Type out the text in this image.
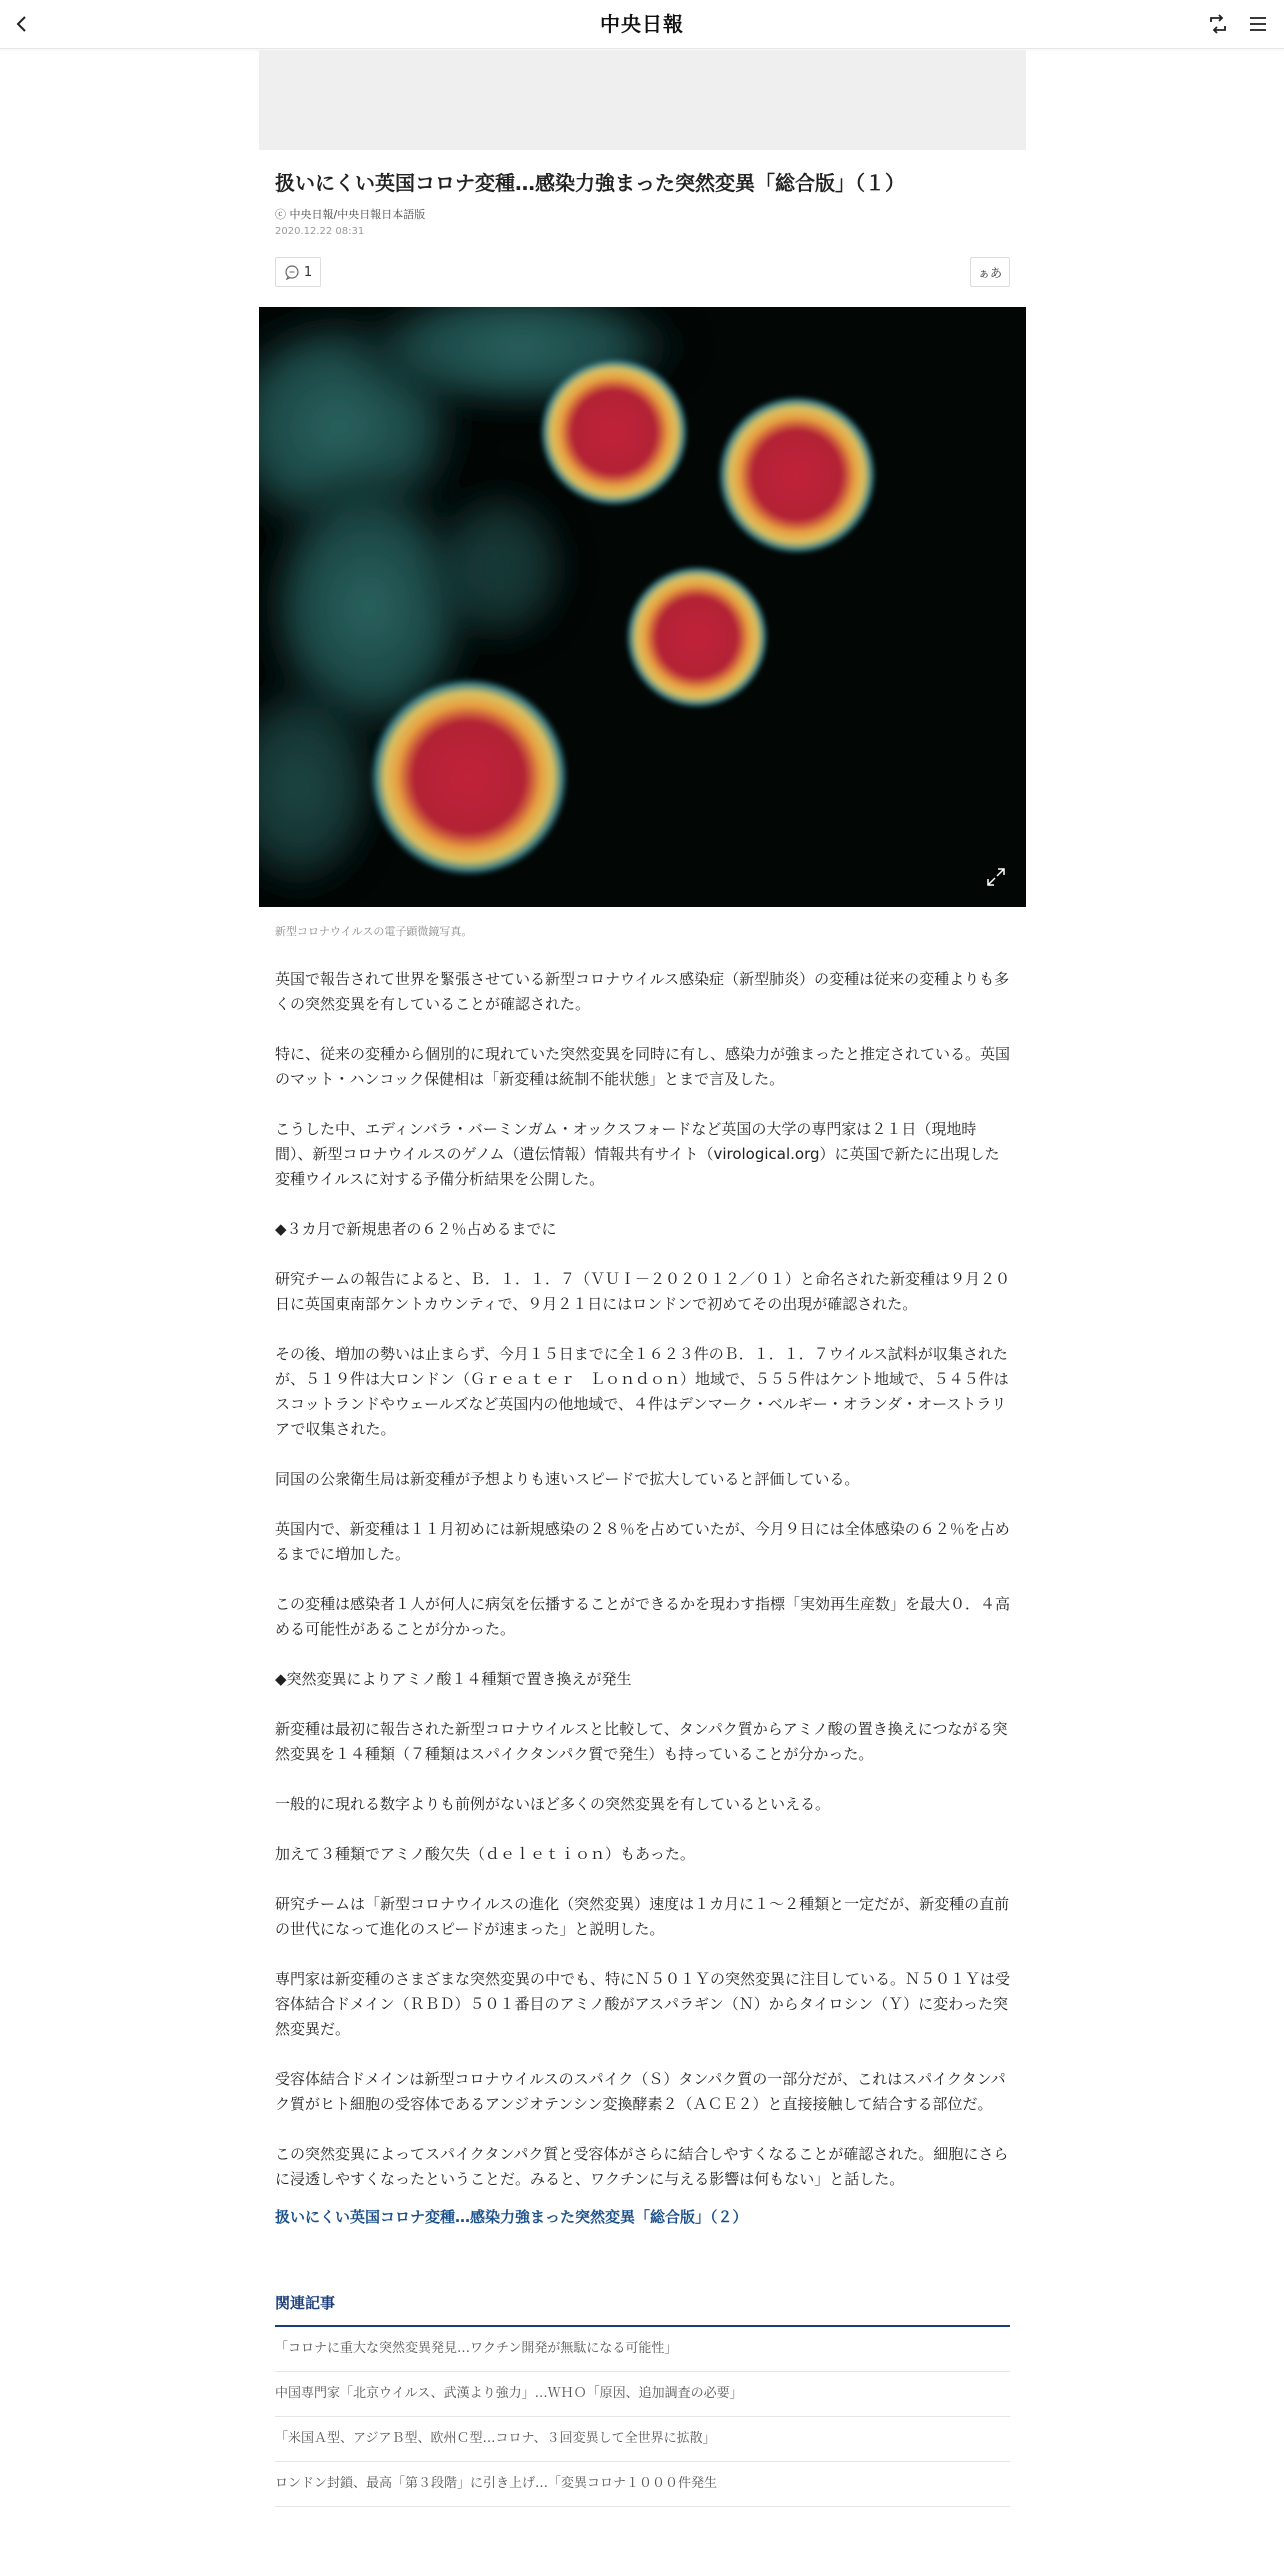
中央日報
扱いにくい英国コロナ変種…感染力強まった突然変異「総合版」（１）
ⓒ 中央日報/中央日報日本語版
2020.12.22 08:31
1	ぁあ
新型コロナウイルスの電子顕微鏡写真。

英国で報告されて世界を緊張させている新型コロナウイルス感染症（新型肺炎）の変種は従来の変種よりも多くの突然変異を有していることが確認された。

特に、従来の変種から個別的に現れていた突然変異を同時に有し、感染力が強まったと推定されている。英国のマット・ハンコック保健相は「新変種は統制不能状態」とまで言及した。

こうした中、エディンバラ・バーミンガム・オックスフォードなど英国の大学の専門家は２１日（現地時間）、新型コロナウイルスのゲノム（遺伝情報）情報共有サイト（virological.org）に英国で新たに出現した変種ウイルスに対する予備分析結果を公開した。

◆３カ月で新規患者の６２％占めるまでに

研究チームの報告によると、Ｂ．１．１．７（ＶＵＩ－２０２０１２／０１）と命名された新変種は９月２０日に英国東南部ケントカウンティで、９月２１日にはロンドンで初めてその出現が確認された。

その後、増加の勢いは止まらず、今月１５日までに全１６２３件のＢ．１．１．７ウイルス試料が収集されたが、５１９件は大ロンドン（Ｇｒｅａｔｅｒ　Ｌｏｎｄｏｎ）地域で、５５５件はケント地域で、５４５件はスコットランドやウェールズなど英国内の他地域で、４件はデンマーク・ベルギー・オランダ・オーストラリアで収集された。

同国の公衆衛生局は新変種が予想よりも速いスピードで拡大していると評価している。

英国内で、新変種は１１月初めには新規感染の２８％を占めていたが、今月９日には全体感染の６２％を占めるまでに増加した。

この変種は感染者１人が何人に病気を伝播することができるかを現わす指標「実効再生産数」を最大０．４高める可能性があることが分かった。

◆突然変異によりアミノ酸１４種類で置き換えが発生

新変種は最初に報告された新型コロナウイルスと比較して、タンパク質からアミノ酸の置き換えにつながる突然変異を１４種類（７種類はスパイクタンパク質で発生）も持っていることが分かった。

一般的に現れる数字よりも前例がないほど多くの突然変異を有しているといえる。

加えて３種類でアミノ酸欠失（ｄｅｌｅｔｉｏｎ）もあった。

研究チームは「新型コロナウイルスの進化（突然変異）速度は１カ月に１～２種類と一定だが、新変種の直前の世代になって進化のスピードが速まった」と説明した。

専門家は新変種のさまざまな突然変異の中でも、特にＮ５０１Ｙの突然変異に注目している。Ｎ５０１Ｙは受容体結合ドメイン（ＲＢＤ）５０１番目のアミノ酸がアスパラギン（Ｎ）からタイロシン（Ｙ）に変わった突然変異だ。

受容体結合ドメインは新型コロナウイルスのスパイク（Ｓ）タンパク質の一部分だが、これはスパイクタンパク質がヒト細胞の受容体であるアンジオテンシン変換酵素２（ＡＣＥ２）と直接接触して結合する部位だ。

この突然変異によってスパイクタンパク質と受容体がさらに結合しやすくなることが確認された。細胞にさらに浸透しやすくなったということだ。みると、ワクチンに与える影響は何もない」と話した。

扱いにくい英国コロナ変種…感染力強まった突然変異「総合版」（２）
関連記事
「コロナに重大な突然変異発見…ワクチン開発が無駄になる可能性」
中国専門家「北京ウイルス、武漢より強力」…ＷＨＯ「原因、追加調査の必要」
「米国Ａ型、アジアＢ型、欧州Ｃ型…コロナ、３回変異して全世界に拡散」
ロンドン封鎖、最高「第３段階」に引き上げ…「変異コロナ１０００件発生
